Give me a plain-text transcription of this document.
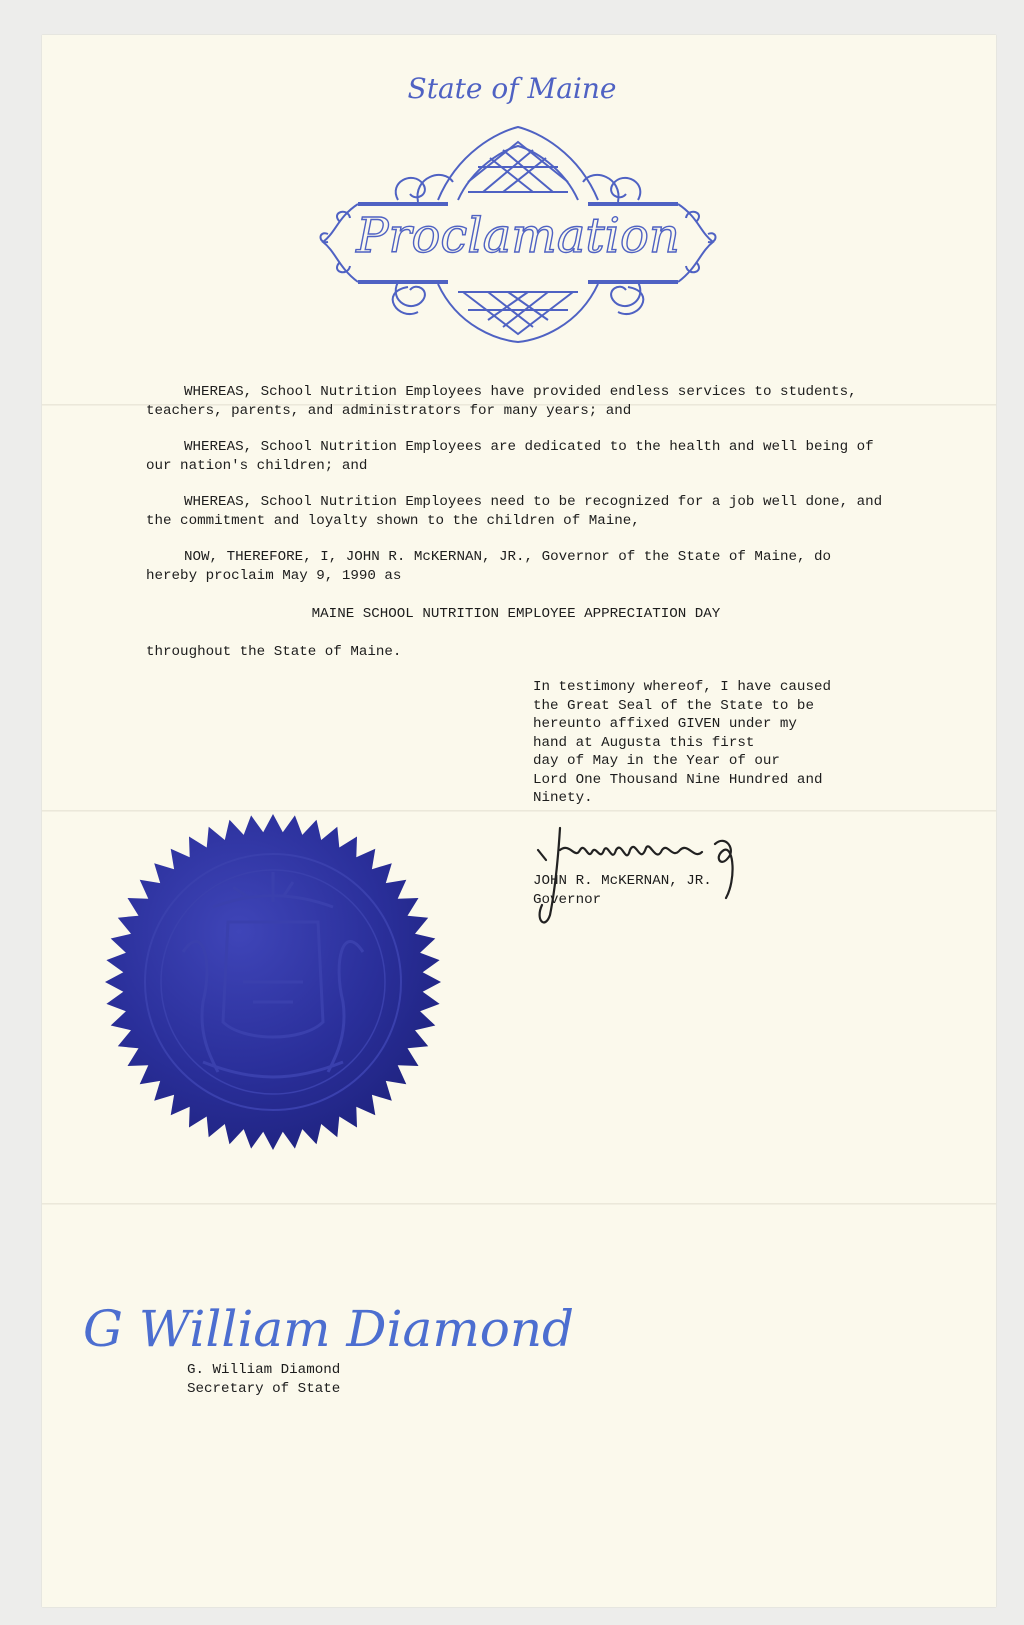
State of Maine
Proclamation
WHEREAS, School Nutrition Employees have provided endless services to students, teachers, parents, and administrators for many years; and
WHEREAS, School Nutrition Employees are dedicated to the health and well being of our nation's children; and
WHEREAS, School Nutrition Employees need to be recognized for a job well done, and the commitment and loyalty shown to the children of Maine,
NOW, THEREFORE, I, JOHN R. McKERNAN, JR., Governor of the State of Maine, do hereby proclaim May 9, 1990 as
MAINE SCHOOL NUTRITION EMPLOYEE APPRECIATION DAY
throughout the State of Maine.
In testimony whereof, I have caused
the Great Seal of the State to be
hereunto affixed GIVEN under my
hand at Augusta this first
day of May in the Year of our
Lord One Thousand Nine Hundred and
Ninety.
JOHN R. McKERNAN, JR.
Governor
G William Diamond
G. William Diamond
Secretary of State
